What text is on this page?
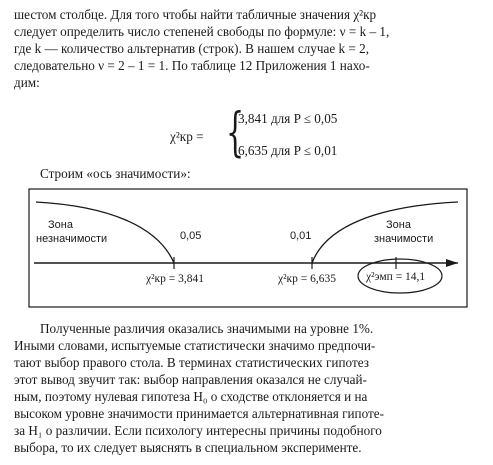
шестом столбце. Для того чтобы найти табличные значения χ²кр
следует определить число степеней свободы по формуле: ν = k – 1,
где k — количество альтернатив (строк). В нашем случае k = 2,
следовательно ν = 2 – 1 = 1. По таблице 12 Приложения 1 нахо-
дим:
χ²кр = {
3,841 для P ≤ 0,05
6,635 для P ≤ 0,01
Строим «ось значимости»:
Зона
незначимости	0,05	0,01
Зона
значимости
χ²кр = 3,841	χ²кр = 6,635	χ²эмп = 14,1
Полученные различия оказались значимыми на уровне 1%.
Иными словами, испытуемые статистически значимо предпочи-
тают выбор правого стола. В терминах статистических гипотез
этот вывод звучит так: выбор направления оказался не случай-
ным, поэтому нулевая гипотеза H₀ о сходстве отклоняется и на
высоком уровне значимости принимается альтернативная гипоте-
за H₁ о различии. Если психологу интересны причины подобного
выбора, то их следует выяснять в специальном эксперименте.
